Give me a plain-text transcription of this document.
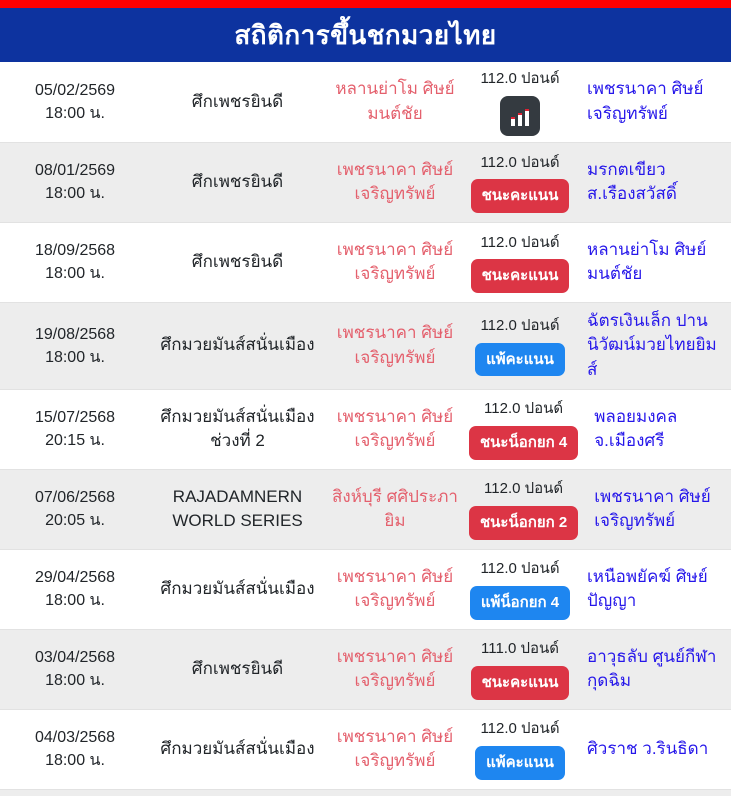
สถิติการขึ้นชกมวยไทย
05/02/2569
18:00 น.
ศึกเพชรยินดี
หลานย่าโม ศิษย์มนต์ชัย
112.0 ปอนด์
เพชรนาคา ศิษย์เจริญทรัพย์
08/01/2569
18:00 น.
ศึกเพชรยินดี
เพชรนาคา ศิษย์เจริญทรัพย์
112.0 ปอนด์
ชนะคะแนน
มรกตเขียว ส.เรืองสวัสดิ์
18/09/2568
18:00 น.
ศึกเพชรยินดี
เพชรนาคา ศิษย์เจริญทรัพย์
112.0 ปอนด์
ชนะคะแนน
หลานย่าโม ศิษย์มนต์ชัย
19/08/2568
18:00 น.
ศึกมวยมันส์สนั่นเมือง
เพชรนาคา ศิษย์เจริญทรัพย์
112.0 ปอนด์
แพ้คะแนน
ฉัตรเงินเล็ก ปานนิวัฒน์มวยไทยยิมส์
15/07/2568
20:15 น.
ศึกมวยมันส์สนั่นเมือง ช่วงที่ 2
เพชรนาคา ศิษย์เจริญทรัพย์
112.0 ปอนด์
ชนะน็อกยก 4
พลอยมงคล จ.เมืองศรี
07/06/2568
20:05 น.
RAJADAMNERN WORLD SERIES
สิงห์บุรี ศศิประภายิม
112.0 ปอนด์
ชนะน็อกยก 2
เพชรนาคา ศิษย์เจริญทรัพย์
29/04/2568
18:00 น.
ศึกมวยมันส์สนั่นเมือง
เพชรนาคา ศิษย์เจริญทรัพย์
112.0 ปอนด์
แพ้น็อกยก 4
เหนือพยัคฆ์ ศิษย์ปัญญา
03/04/2568
18:00 น.
ศึกเพชรยินดี
เพชรนาคา ศิษย์เจริญทรัพย์
111.0 ปอนด์
ชนะคะแนน
อาวุธลับ ศูนย์กีฬากุดฉิม
04/03/2568
18:00 น.
ศึกมวยมันส์สนั่นเมือง
เพชรนาคา ศิษย์เจริญทรัพย์
112.0 ปอนด์
แพ้คะแนน
ศิวราช ว.รินธิดา
